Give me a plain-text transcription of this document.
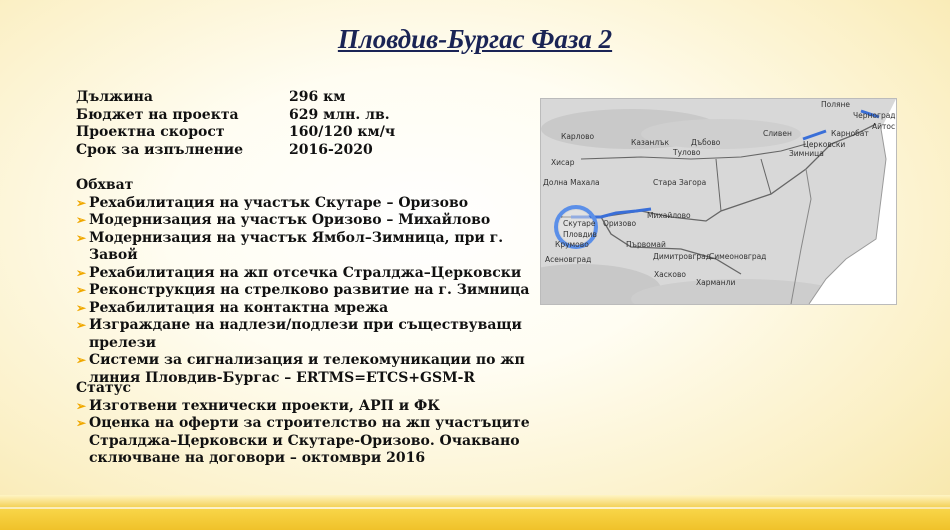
Пловдив-Бургас Фаза 2
Дължина	296 км
Бюджет на проекта	629 млн. лв.
Проектна скорост	160/120 км/ч
Срок за изпълнение	2016-2020
Обхват
➢ Рехабилитация на участък Скутаре – Оризово
➢ Модернизация на участък Оризово – Михайлово
➢ Модернизация на участък Ямбол–Зимница, при г. Завой
➢ Рехабилитация на жп отсечка Стралджа–Церковски
➢ Реконструкция на стрелково развитие на г. Зимница
➢ Рехабилитация на контактна мрежа
➢ Изграждане на надлези/подлези при съществуващи прелези
➢ Системи за сигнализация и телекомуникации по жп линия Пловдив-Бургас – ERTMS=ETCS+GSM-R
Статус
➢ Изготвени технически проекти, АРП и ФК
➢ Оценка на оферти за строителство на жп участъците Стралджа–Церковски и Скутаре-Оризово. Очаквано сключване на договори – октомври 2016
Поляне
Черноград
Айтос
Карнобат
Сливен
Церковски
Зимница
Карлово
Казанлък	Дъбово
Тулово
Хисар
Стара Загора
Долна Махала
Михайлово
Скутаре Оризово
Пловдив
Първомай
Крумово
Асеновград	Димитровград
Симеоновград
Хасково
Харманли
